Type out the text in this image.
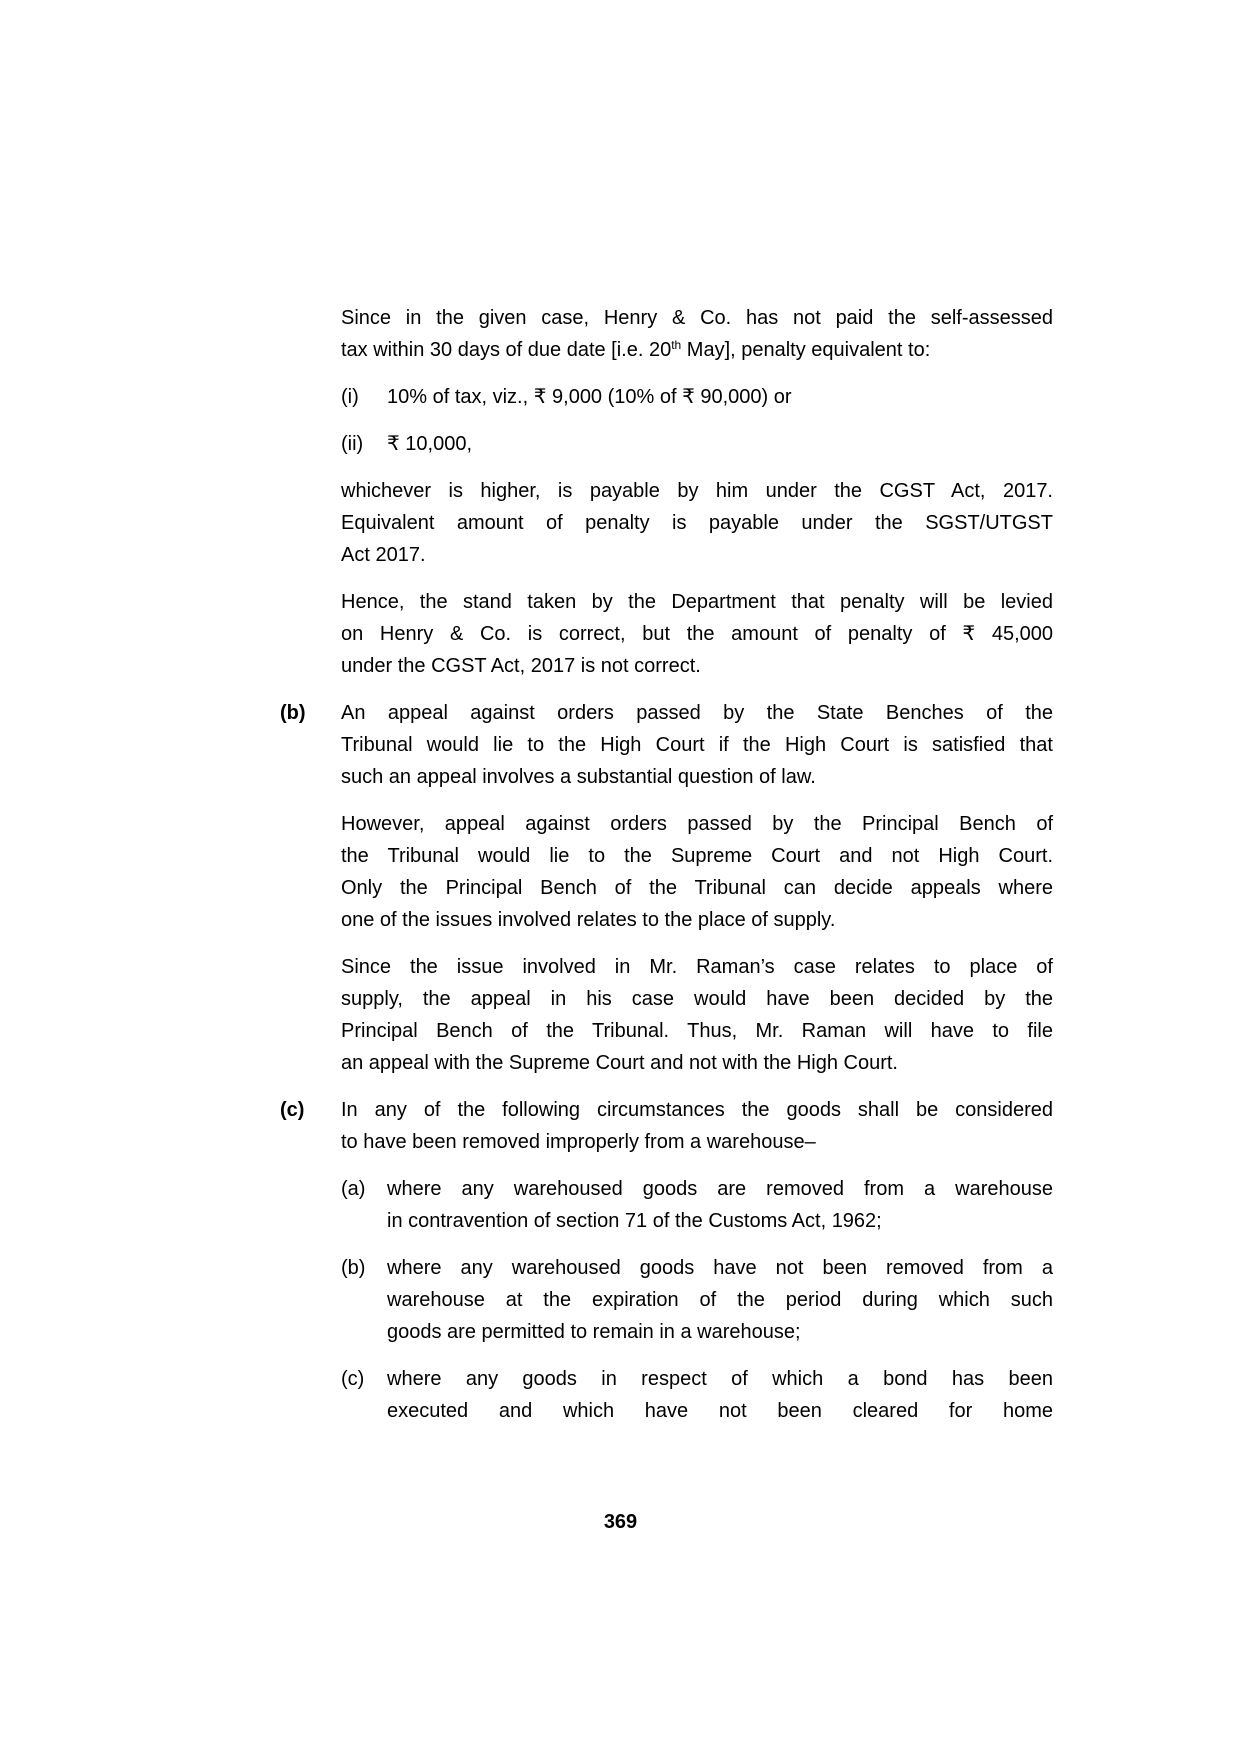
Since in the given case, Henry & Co. has not paid the self-assessed
tax within 30 days of due date [i.e. 20th May], penalty equivalent to:
(i) 10% of tax, viz., ₹ 9,000 (10% of ₹ 90,000) or
(ii) ₹ 10,000,
whichever is higher, is payable by him under the CGST Act, 2017.
Equivalent amount of penalty is payable under the SGST/UTGST
Act 2017.
Hence, the stand taken by the Department that penalty will be levied
on Henry & Co. is correct, but the amount of penalty of ₹ 45,000
under the CGST Act, 2017 is not correct.
(b) An appeal against orders passed by the State Benches of the
Tribunal would lie to the High Court if the High Court is satisfied that
such an appeal involves a substantial question of law.
However, appeal against orders passed by the Principal Bench of
the Tribunal would lie to the Supreme Court and not High Court.
Only the Principal Bench of the Tribunal can decide appeals where
one of the issues involved relates to the place of supply.
Since the issue involved in Mr. Raman’s case relates to place of
supply, the appeal in his case would have been decided by the
Principal Bench of the Tribunal. Thus, Mr. Raman will have to file
an appeal with the Supreme Court and not with the High Court.
(c) In any of the following circumstances the goods shall be considered
to have been removed improperly from a warehouse–
(a) where any warehoused goods are removed from a warehouse
in contravention of section 71 of the Customs Act, 1962;
(b) where any warehoused goods have not been removed from a
warehouse at the expiration of the period during which such
goods are permitted to remain in a warehouse;
(c) where any goods in respect of which a bond has been
executed and which have not been cleared for home
369
